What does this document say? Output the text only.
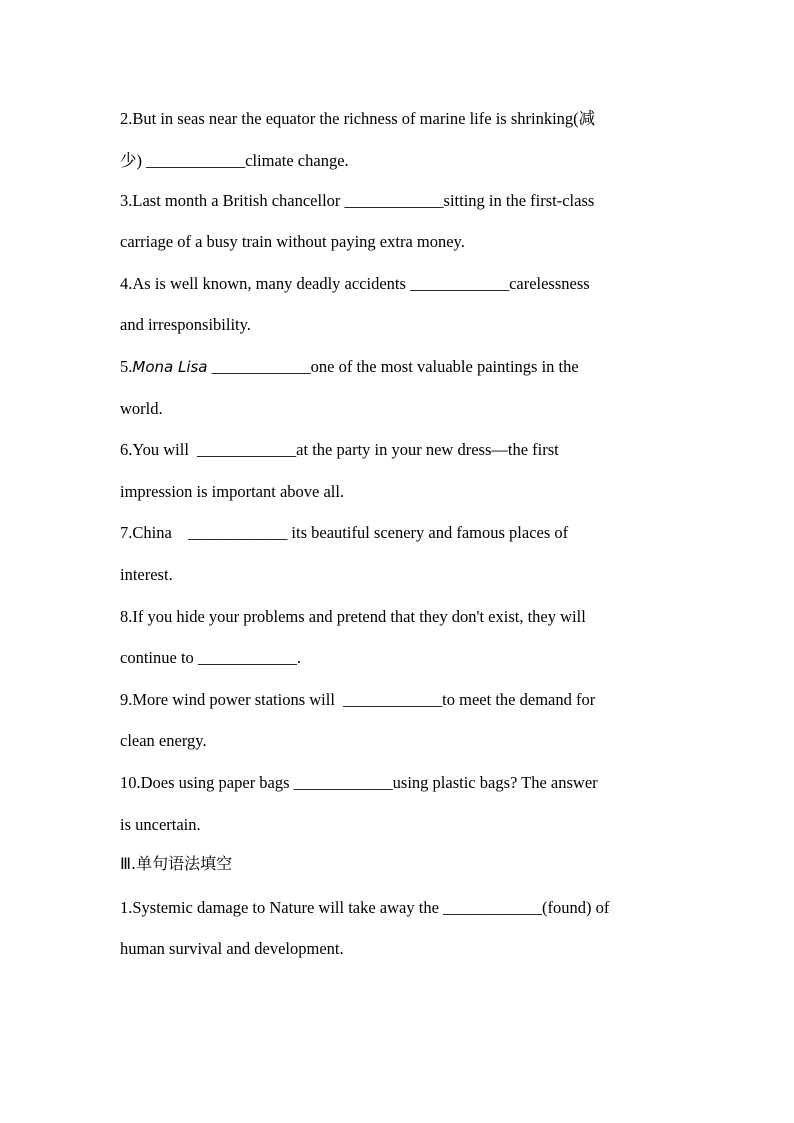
2.But in seas near the equator the richness of marine life is shrinking(减
少) ____________climate change.
3.Last month a British chancellor ____________sitting in the first-class
carriage of a busy train without paying extra money.
4.As is well known, many deadly accidents ____________carelessness
and irresponsibility.
5.Mona Lisa ____________one of the most valuable paintings in the
world.
6.You will  ____________at the party in your new dress—the first
impression is important above all.
7.China    ____________ its beautiful scenery and famous places of
interest.
8.If you hide your problems and pretend that they don't exist, they will
continue to ____________.
9.More wind power stations will  ____________to meet the demand for
clean energy.
10.Does using paper bags ____________using plastic bags? The answer
is uncertain.
Ⅲ.单句语法填空
1.Systemic damage to Nature will take away the ____________(found) of
human survival and development.
